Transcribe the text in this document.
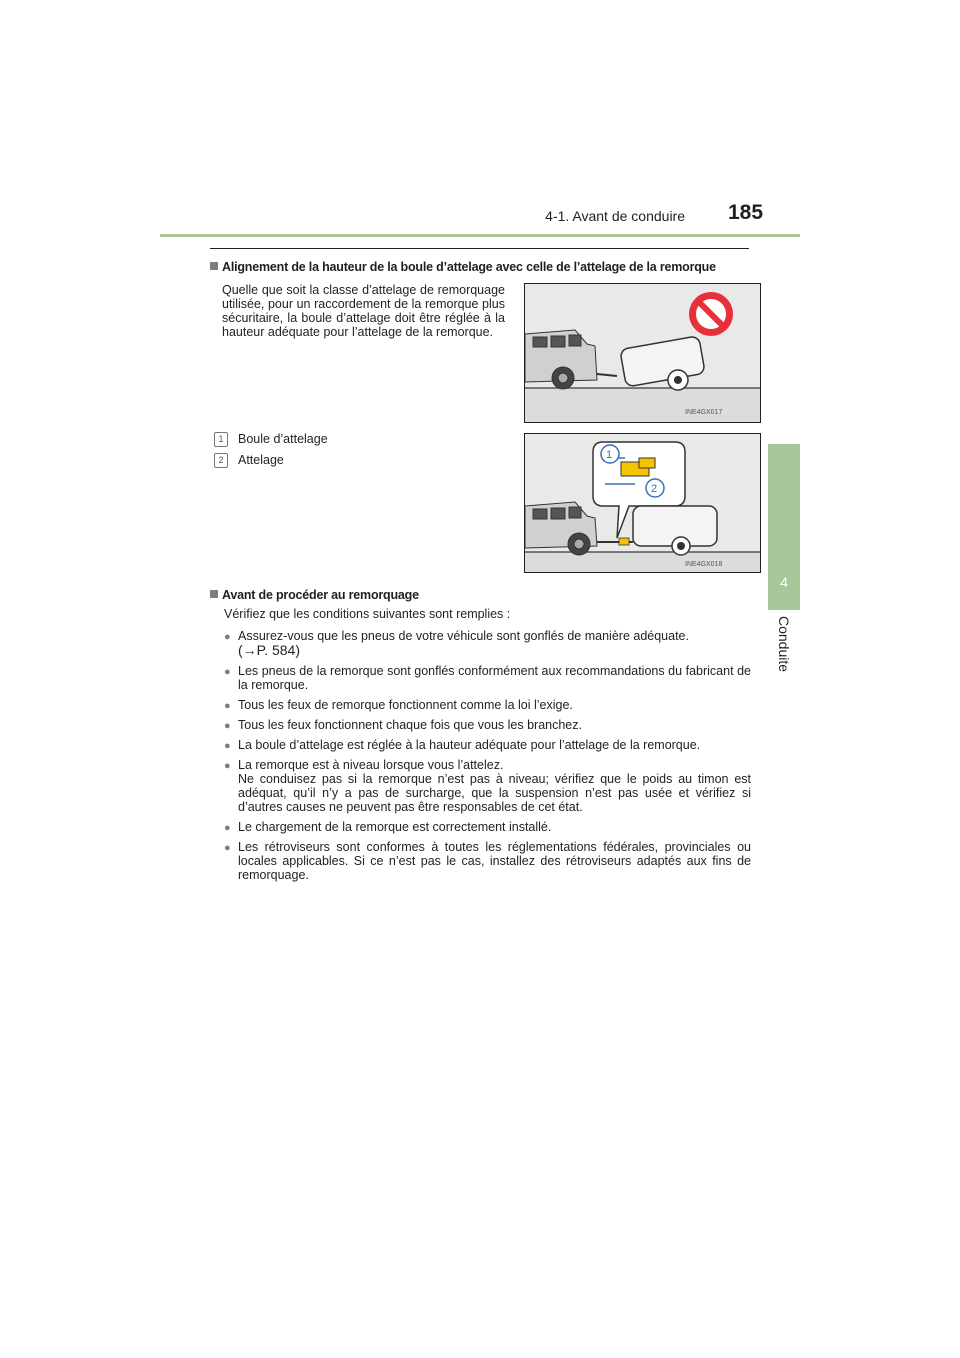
4-1. Avant de conduire 185
4
Conduite
Alignement de la hauteur de la boule d’attelage avec celle de l’attelage de la remorque
Quelle que soit la classe d’attelage de remorquage utilisée, pour un raccordement de la remorque plus sécuritaire, la boule d’attelage doit être réglée à la hauteur adéquate pour l’attelage de la remorque.
INE4GX017
1 Boule d’attelage
2 Attelage	1
2
INE4GX018
Avant de procéder au remorquage
Vérifiez que les conditions suivantes sont remplies :
● Assurez-vous que les pneus de votre véhicule sont gonflés de manière adéquate.
(→P. 584)
● Les pneus de la remorque sont gonflés conformément aux recommandations du fabricant de la remorque.
● Tous les feux de remorque fonctionnent comme la loi l’exige.
● Tous les feux fonctionnent chaque fois que vous les branchez.
● La boule d’attelage est réglée à la hauteur adéquate pour l’attelage de la remorque.
● La remorque est à niveau lorsque vous l’attelez.
Ne conduisez pas si la remorque n’est pas à niveau; vérifiez que le poids au timon est adéquat, qu’il n’y a pas de surcharge, que la suspension n’est pas usée et vérifiez si d’autres causes ne peuvent pas être responsables de cet état.
● Le chargement de la remorque est correctement installé.
● Les rétroviseurs sont conformes à toutes les réglementations fédérales, provinciales ou locales applicables. Si ce n’est pas le cas, installez des rétroviseurs adaptés aux fins de remorquage.
